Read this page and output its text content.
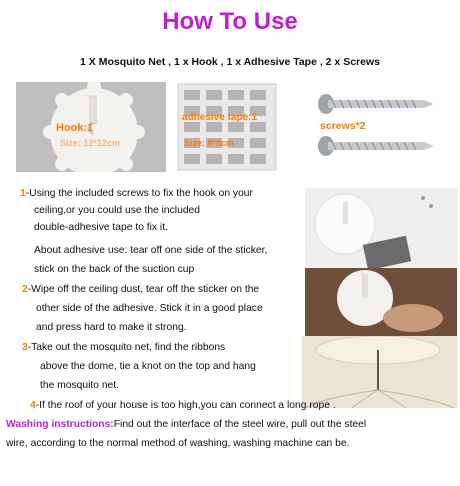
How To Use
1 X Mosquito Net , 1 x Hook , 1 x Adhesive Tape , 2 x Screws
Hook:1
Size: 12*12cm
adhesive tape:1
Size: 8*8cm
screws*2
1-Using the included screws to fix the hook on your
ceiling,or you could use the included
double-adhesive tape to fix it.
About adhesive use: tear off one side of the sticker,
stick on the back of the suction cup
2-Wipe off the ceiling dust, tear off the sticker on the
other side of the adhesive. Stick it in a good place
and press hard to make it strong.
3-Take out the mosquito net, find the ribbons
above the dome, tie a knot on the top and hang
the mosquito net.
4-If the roof of your house is too high,you can connect a long rope .
Washing instructions:Find out the interface of the steel wire, pull out the steel
wire, according to the normal method of washing, washing machine can be.
